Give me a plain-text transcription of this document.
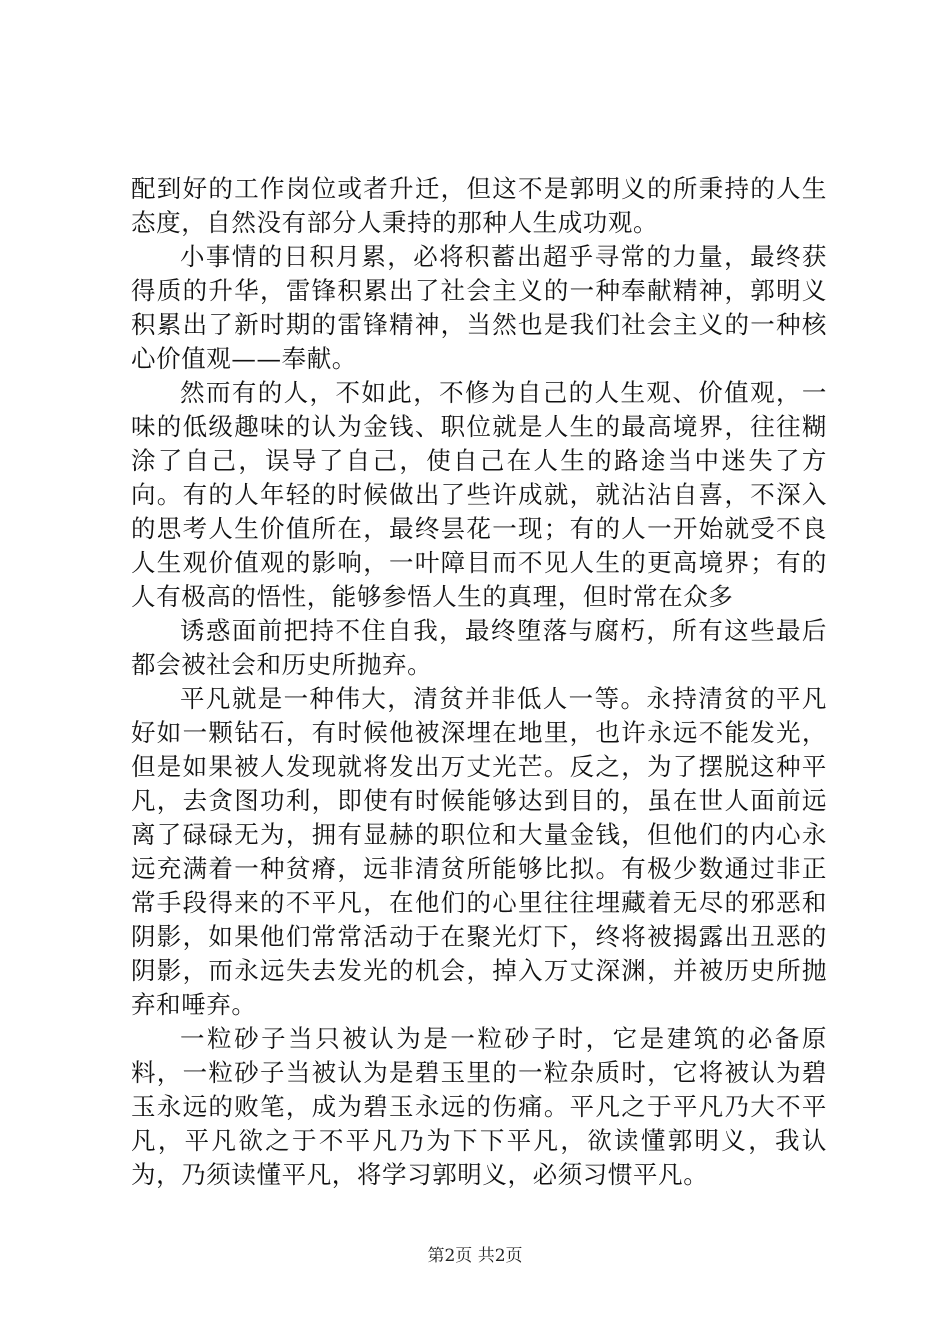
配到好的工作岗位或者升迁，但这不是郭明义的所秉持的人生态度，自然没有部分人秉持的那种人生成功观。

小事情的日积月累，必将积蓄出超乎寻常的力量，最终获得质的升华，雷锋积累出了社会主义的一种奉献精神，郭明义积累出了新时期的雷锋精神，当然也是我们社会主义的一种核心价值观——奉献。

然而有的人，不如此，不修为自己的人生观、价值观，一味的低级趣味的认为金钱、职位就是人生的最高境界，往往糊涂了自己，误导了自己，使自己在人生的路途当中迷失了方向。有的人年轻的时候做出了些许成就，就沾沾自喜，不深入的思考人生价值所在，最终昙花一现；有的人一开始就受不良人生观价值观的影响，一叶障目而不见人生的更高境界；有的人有极高的悟性，能够参悟人生的真理，但时常在众多

诱惑面前把持不住自我，最终堕落与腐朽，所有这些最后都会被社会和历史所抛弃。

平凡就是一种伟大，清贫并非低人一等。永持清贫的平凡好如一颗钻石，有时候他被深埋在地里，也许永远不能发光，但是如果被人发现就将发出万丈光芒。反之，为了摆脱这种平凡，去贪图功利，即使有时候能够达到目的，虽在世人面前远离了碌碌无为，拥有显赫的职位和大量金钱，但他们的内心永远充满着一种贫瘠，远非清贫所能够比拟。有极少数通过非正常手段得来的不平凡，在他们的心里往往埋藏着无尽的邪恶和阴影，如果他们常常活动于在聚光灯下，终将被揭露出丑恶的阴影，而永远失去发光的机会，掉入万丈深渊，并被历史所抛弃和唾弃。

一粒砂子当只被认为是一粒砂子时，它是建筑的必备原料，一粒砂子当被认为是碧玉里的一粒杂质时，它将被认为碧玉永远的败笔，成为碧玉永远的伤痛。平凡之于平凡乃大不平凡，平凡欲之于不平凡乃为下下平凡，欲读懂郭明义，我认为，乃须读懂平凡，将学习郭明义，必须习惯平凡。

第2页 共2页
